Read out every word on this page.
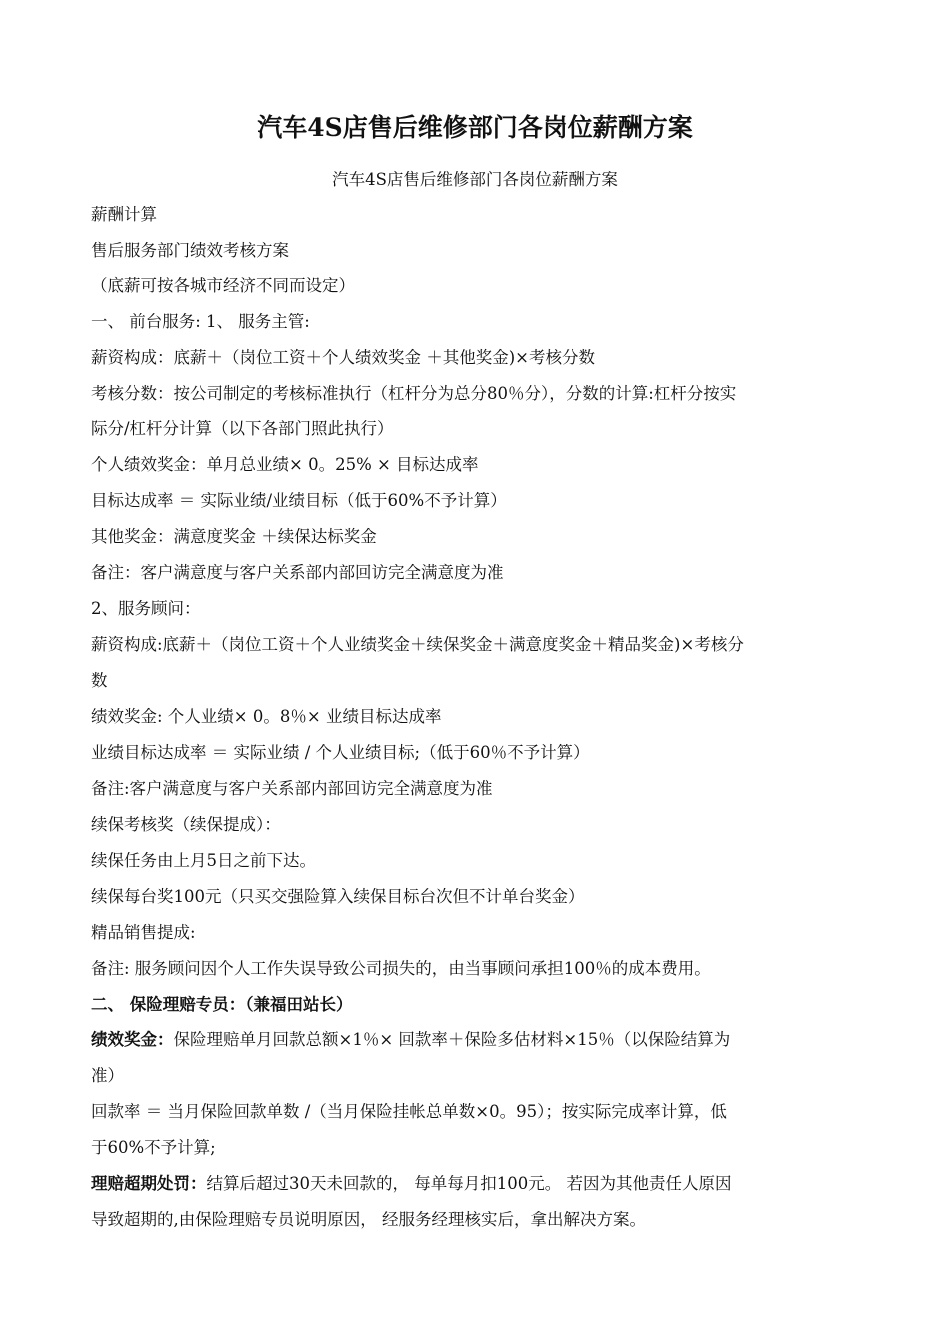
汽车4S店售后维修部门各岗位薪酬方案
汽车4S店售后维修部门各岗位薪酬方案
薪酬计算
售后服务部门绩效考核方案
（底薪可按各城市经济不同而设定）
一、 前台服务: 1、 服务主管:
薪资构成：底薪＋（岗位工资＋个人绩效奖金 ＋其他奖金)×考核分数
考核分数：按公司制定的考核标准执行（杠杆分为总分80％分），分数的计算:杠杆分按实
际分/杠杆分计算（以下各部门照此执行）
个人绩效奖金：单月总业绩× 0。25% × 目标达成率
目标达成率 ＝ 实际业绩/业绩目标（低于60%不予计算）
其他奖金：满意度奖金 ＋续保达标奖金
备注：客户满意度与客户关系部内部回访完全满意度为准
2、服务顾问：
薪资构成:底薪＋（岗位工资＋个人业绩奖金＋续保奖金＋满意度奖金＋精品奖金)×考核分
数
绩效奖金: 个人业绩× 0。8％× 业绩目标达成率
业绩目标达成率 ＝ 实际业绩 / 个人业绩目标;（低于60％不予计算）
备注:客户满意度与客户关系部内部回访完全满意度为准
续保考核奖（续保提成）：
续保任务由上月5日之前下达。
续保每台奖100元（只买交强险算入续保目标台次但不计单台奖金）
精品销售提成:
备注: 服务顾问因个人工作失误导致公司损失的，由当事顾问承担100％的成本费用。
二、 保险理赔专员：（兼福田站长）
绩效奖金：保险理赔单月回款总额×1％× 回款率＋保险多估材料×15％（以保险结算为
准）
回款率 ＝ 当月保险回款单数 /（当月保险挂帐总单数×0。95）；按实际完成率计算，低
于60%不予计算;
理赔超期处罚：结算后超过30天未回款的， 每单每月扣100元。 若因为其他责任人原因
导致超期的,由保险理赔专员说明原因， 经服务经理核实后，拿出解决方案。
